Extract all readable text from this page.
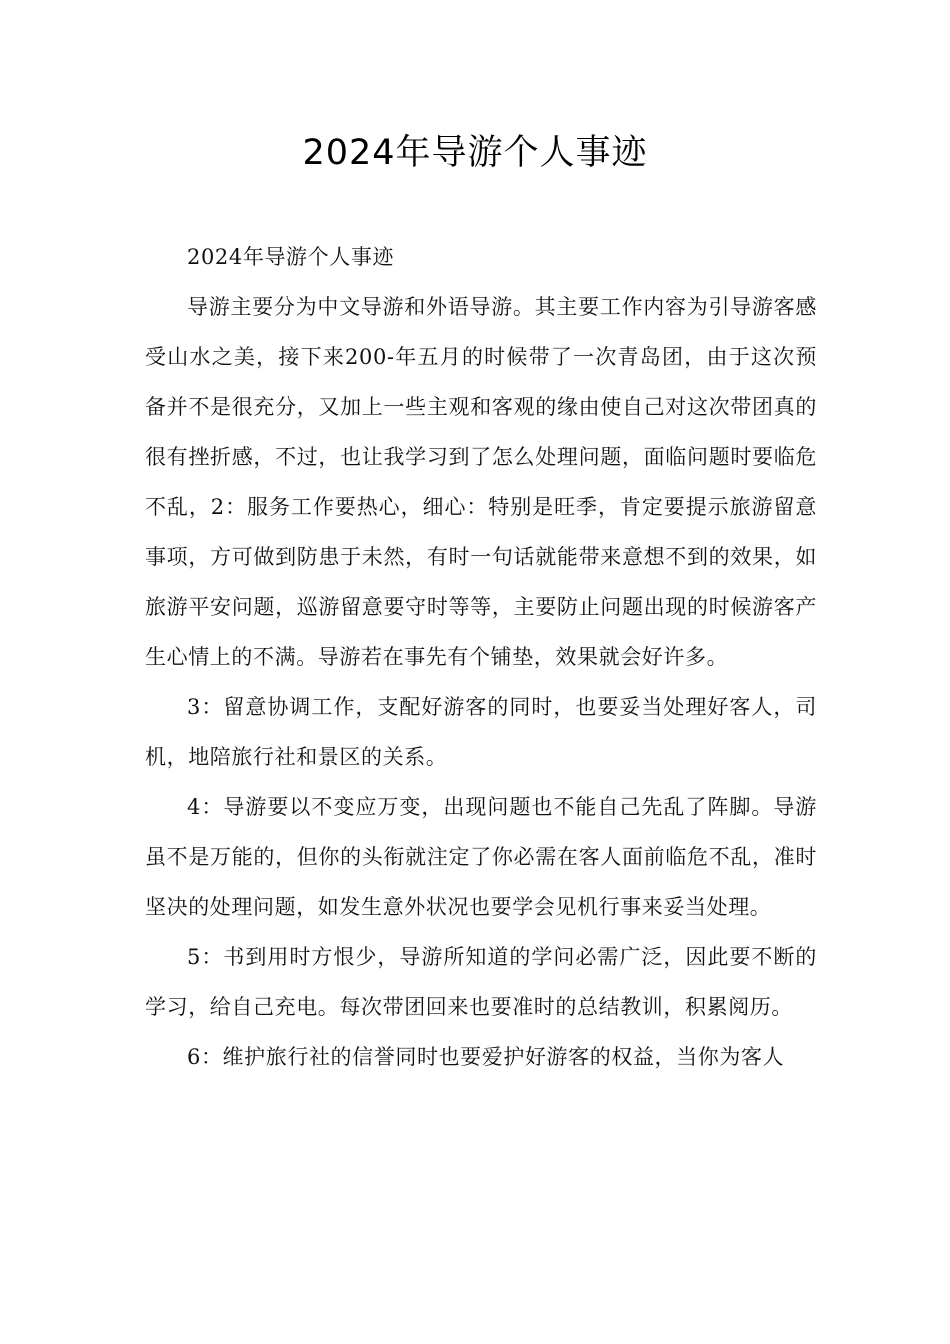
2024年导游个人事迹

2024年导游个人事迹

导游主要分为中文导游和外语导游。其主要工作内容为引导游客感受山水之美，接下来200-年五月的时候带了一次青岛团，由于这次预备并不是很充分，又加上一些主观和客观的缘由使自己对这次带团真的很有挫折感，不过，也让我学习到了怎么处理问题，面临问题时要临危不乱，2：服务工作要热心，细心：特别是旺季，肯定要提示旅游留意事项，方可做到防患于未然，有时一句话就能带来意想不到的效果，如旅游平安问题，巡游留意要守时等等，主要防止问题出现的时候游客产生心情上的不满。导游若在事先有个铺垫，效果就会好许多。

3：留意协调工作，支配好游客的同时，也要妥当处理好客人，司机，地陪旅行社和景区的关系。

4：导游要以不变应万变，出现问题也不能自己先乱了阵脚。导游虽不是万能的，但你的头衔就注定了你必需在客人面前临危不乱，准时坚决的处理问题，如发生意外状况也要学会见机行事来妥当处理。

5：书到用时方恨少，导游所知道的学问必需广泛，因此要不断的学习，给自己充电。每次带团回来也要准时的总结教训，积累阅历。

6：维护旅行社的信誉同时也要爱护好游客的权益，当你为客人
